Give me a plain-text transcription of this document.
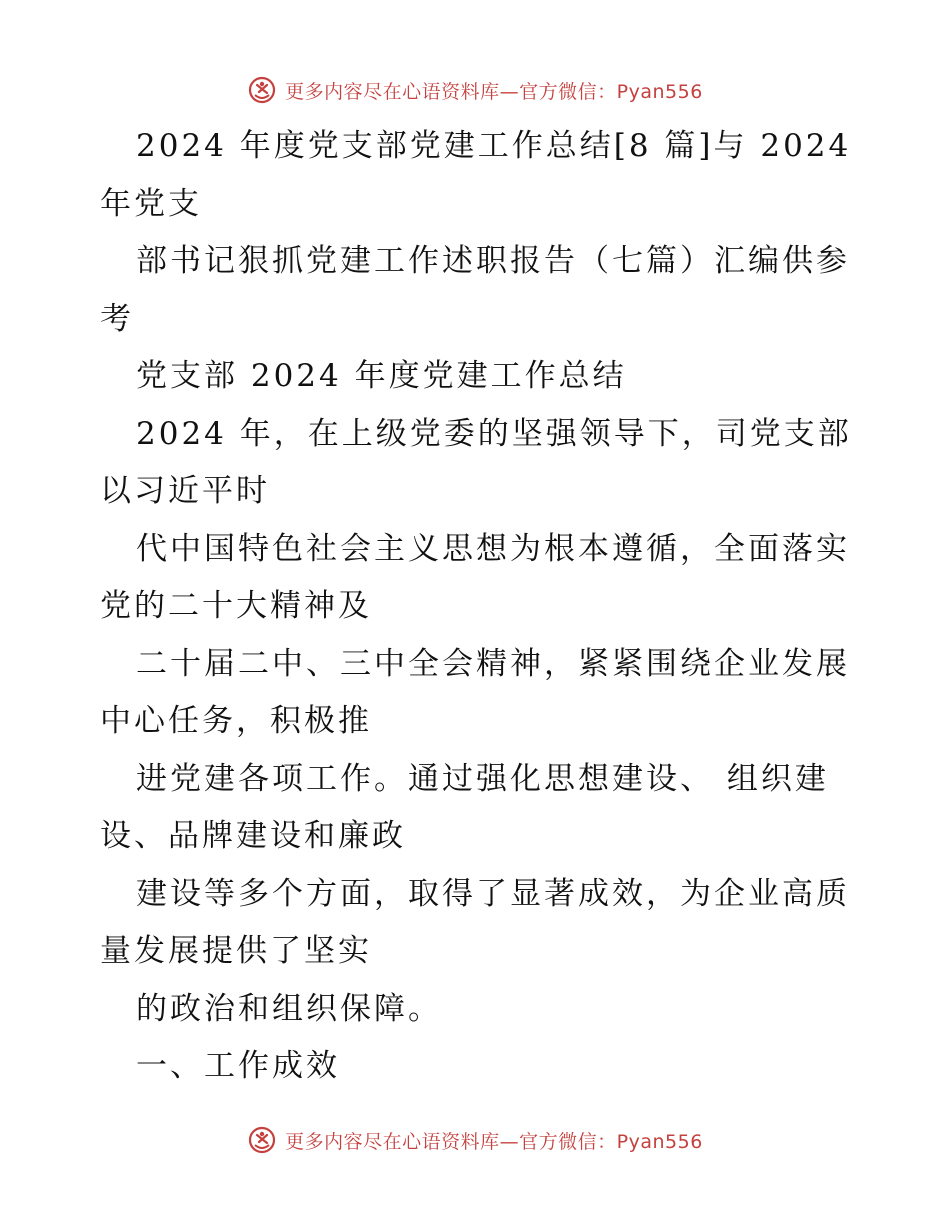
更多内容尽在心语资料库—官方微信：Pyan556
2024 年度党支部党建工作总结[8 篇]与 2024
年党支
部书记狠抓党建工作述职报告（七篇）汇编供参
考
党支部 2024 年度党建工作总结
2024 年，在上级党委的坚强领导下，司党支部
以习近平时
代中国特色社会主义思想为根本遵循，全面落实
党的二十大精神及
二十届二中、三中全会精神，紧紧围绕企业发展
中心任务，积极推
进党建各项工作。通过强化思想建设、 组织建
设、品牌建设和廉政
建设等多个方面，取得了显著成效，为企业高质
量发展提供了坚实
的政治和组织保障。
一、工作成效
更多内容尽在心语资料库—官方微信：Pyan556
